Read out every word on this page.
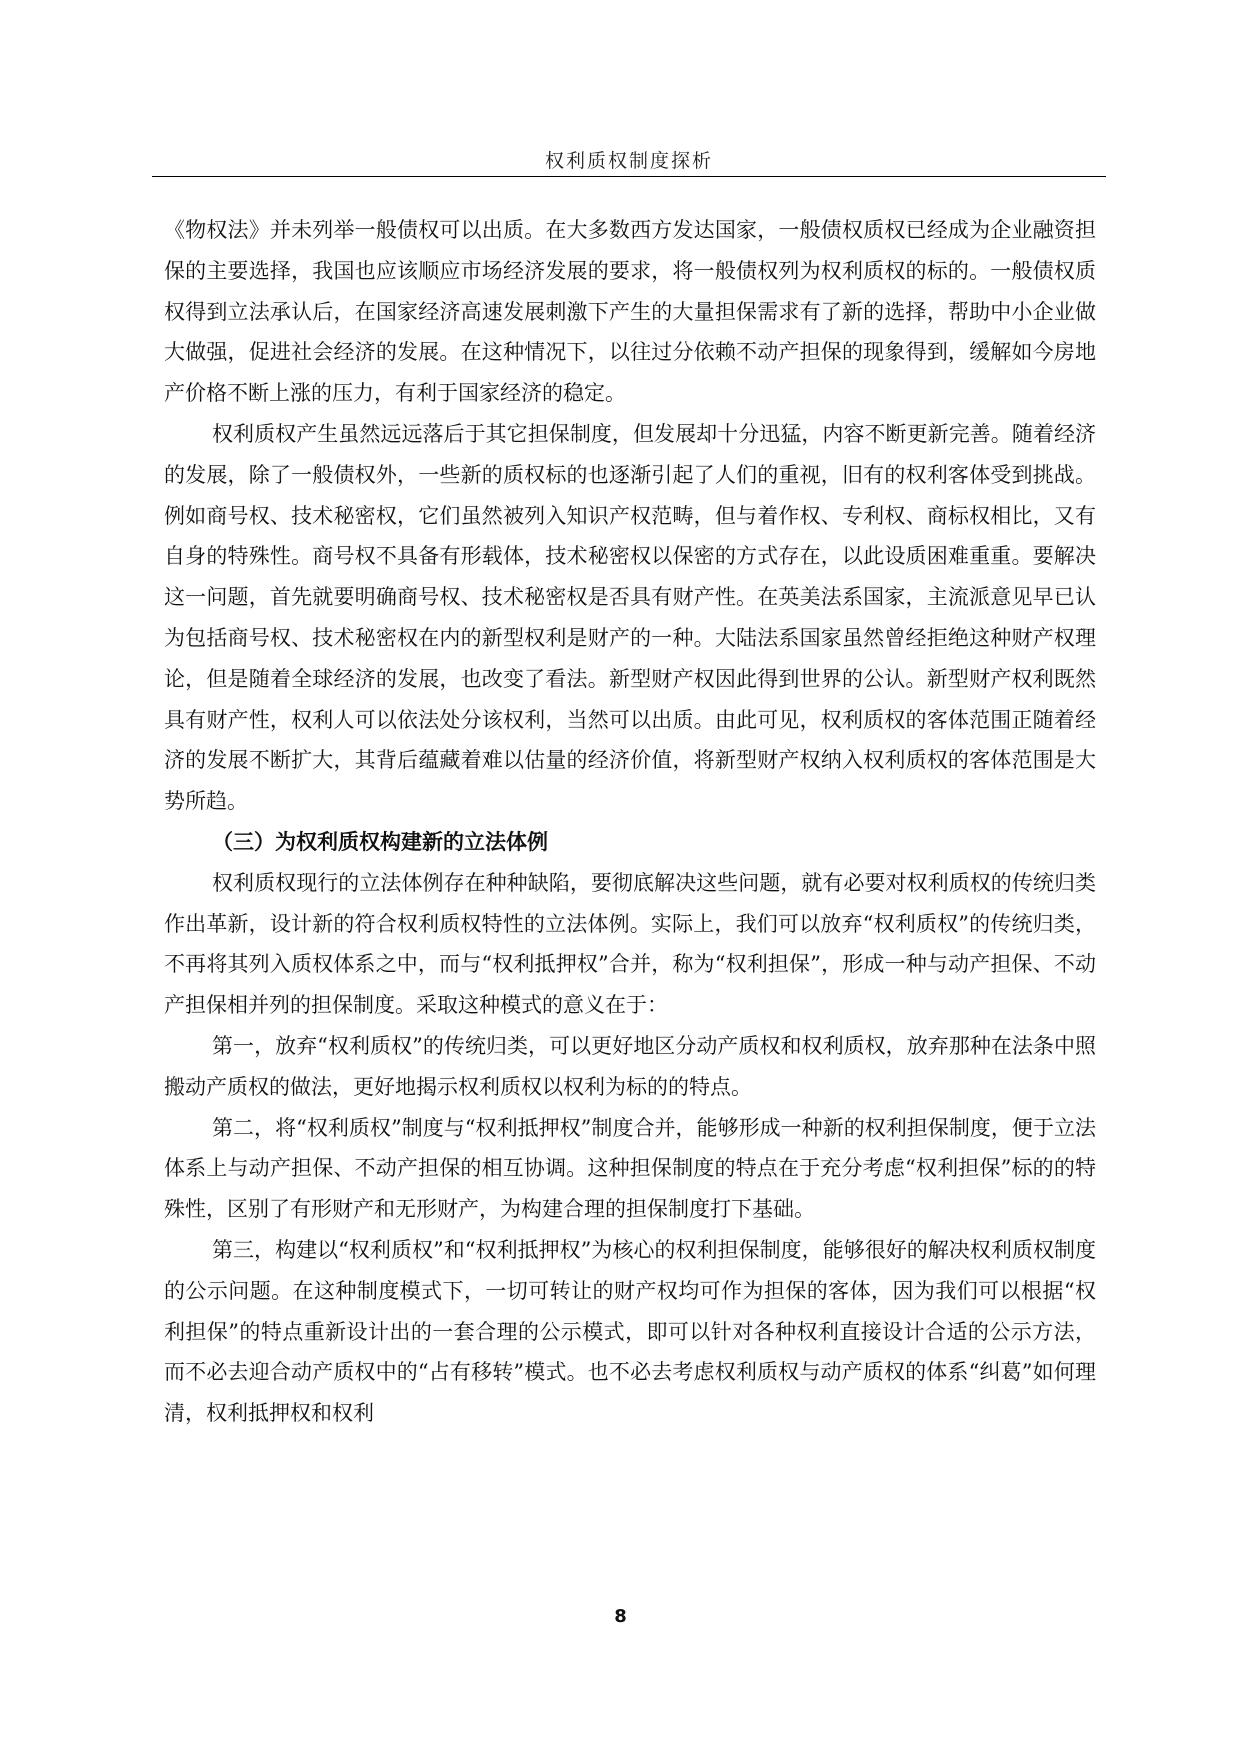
权利质权制度探析

《物权法》并未列举一般债权可以出质。在大多数西方发达国家，一般债权质权已经成为企业融资担保的主要选择，我国也应该顺应市场经济发展的要求，将一般债权列为权利质权的标的。一般债权质权得到立法承认后，在国家经济高速发展刺激下产生的大量担保需求有了新的选择，帮助中小企业做大做强，促进社会经济的发展。在这种情况下，以往过分依赖不动产担保的现象得到，缓解如今房地产价格不断上涨的压力，有利于国家经济的稳定。

权利质权产生虽然远远落后于其它担保制度，但发展却十分迅猛，内容不断更新完善。随着经济的发展，除了一般债权外，一些新的质权标的也逐渐引起了人们的重视，旧有的权利客体受到挑战。例如商号权、技术秘密权，它们虽然被列入知识产权范畴，但与着作权、专利权、商标权相比，又有自身的特殊性。商号权不具备有形载体，技术秘密权以保密的方式存在，以此设质困难重重。要解决这一问题，首先就要明确商号权、技术秘密权是否具有财产性。在英美法系国家，主流派意见早已认为包括商号权、技术秘密权在内的新型权利是财产的一种。大陆法系国家虽然曾经拒绝这种财产权理论，但是随着全球经济的发展，也改变了看法。新型财产权因此得到世界的公认。新型财产权利既然具有财产性，权利人可以依法处分该权利，当然可以出质。由此可见，权利质权的客体范围正随着经济的发展不断扩大，其背后蕴藏着难以估量的经济价值，将新型财产权纳入权利质权的客体范围是大势所趋。

（三）为权利质权构建新的立法体例

权利质权现行的立法体例存在种种缺陷，要彻底解决这些问题，就有必要对权利质权的传统归类作出革新，设计新的符合权利质权特性的立法体例。实际上，我们可以放弃“权利质权”的传统归类，不再将其列入质权体系之中，而与“权利抵押权”合并，称为“权利担保”，形成一种与动产担保、不动产担保相并列的担保制度。采取这种模式的意义在于：

第一，放弃“权利质权”的传统归类，可以更好地区分动产质权和权利质权，放弃那种在法条中照搬动产质权的做法，更好地揭示权利质权以权利为标的的特点。

第二，将“权利质权”制度与“权利抵押权”制度合并，能够形成一种新的权利担保制度，便于立法体系上与动产担保、不动产担保的相互协调。这种担保制度的特点在于充分考虑“权利担保”标的的特殊性，区别了有形财产和无形财产，为构建合理的担保制度打下基础。

第三，构建以“权利质权”和“权利抵押权”为核心的权利担保制度，能够很好的解决权利质权制度的公示问题。在这种制度模式下，一切可转让的财产权均可作为担保的客体，因为我们可以根据“权利担保”的特点重新设计出的一套合理的公示模式，即可以针对各种权利直接设计合适的公示方法，而不必去迎合动产质权中的“占有移转”模式。也不必去考虑权利质权与动产质权的体系“纠葛”如何理清，权利抵押权和权利

8
